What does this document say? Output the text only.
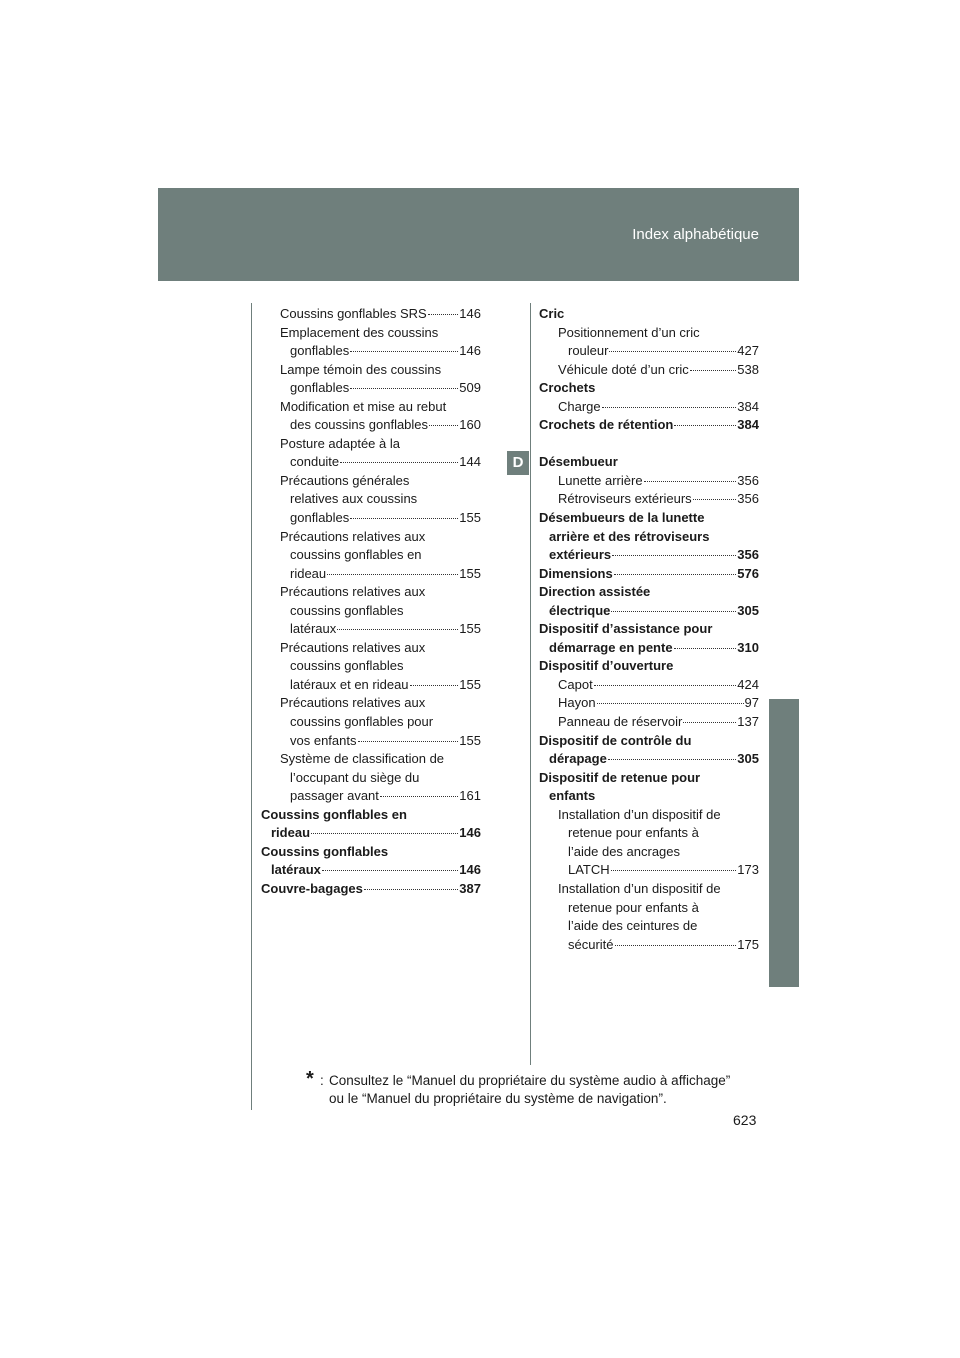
Index alphabétique
D
Coussins gonflables SRS	146
Emplacement des coussins
gonflables	146
Lampe témoin des coussins
gonflables	509
Modification et mise au rebut
des coussins gonflables 160
Posture adaptée à la
conduite	144
Précautions générales
relatives aux coussins
gonflables	155
Précautions relatives aux
coussins gonflables en
rideau	155
Précautions relatives aux
coussins gonflables
latéraux	155
Précautions relatives aux
coussins gonflables
latéraux et en rideau	155
Précautions relatives aux
coussins gonflables pour
vos enfants	155
Système de classification de
l’occupant du siège du
passager avant	161
Coussins gonflables en
rideau	146
Coussins gonflables
latéraux	146
Couvre-bagages	387
Cric
Positionnement d’un cric
rouleur	427
Véhicule doté d’un cric	538
Crochets
Charge	384
Crochets de rétention	384
Désembueur
Lunette arrière	356
Rétroviseurs extérieurs	356
Désembueurs de la lunette
arrière et des rétroviseurs
extérieurs	356
Dimensions	576
Direction assistée
électrique	305
Dispositif d’assistance pour
démarrage en pente	310
Dispositif d’ouverture
Capot	424
Hayon	97
Panneau de réservoir	137
Dispositif de contrôle du
dérapage	305
Dispositif de retenue pour
enfants
Installation d’un dispositif de
retenue pour enfants à
l’aide des ancrages
LATCH	173
Installation d’un dispositif de
retenue pour enfants à
l’aide des ceintures de
sécurité	175
* : Consultez le “Manuel du propriétaire du système audio à affichage”
ou le “Manuel du propriétaire du système de navigation”.
623
